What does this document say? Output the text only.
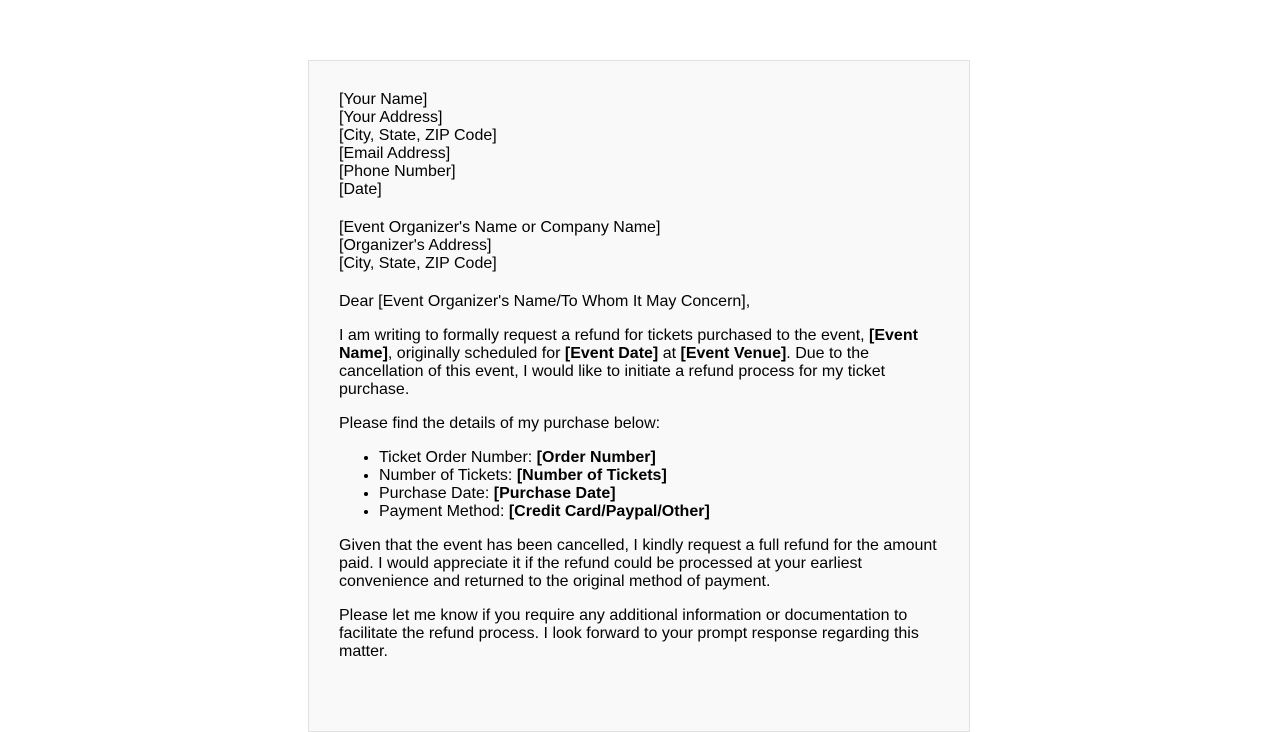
[Your Name]
[Your Address]
[City, State, ZIP Code]
[Email Address]
[Phone Number]
[Date]
[Event Organizer's Name or Company Name]
[Organizer's Address]
[City, State, ZIP Code]

Dear [Event Organizer's Name/To Whom It May Concern],

I am writing to formally request a refund for tickets purchased to the event, [Event Name], originally scheduled for [Event Date] at [Event Venue]. Due to the cancellation of this event, I would like to initiate a refund process for my ticket purchase.

Please find the details of my purchase below:

• Ticket Order Number: [Order Number]
• Number of Tickets: [Number of Tickets]
• Purchase Date: [Purchase Date]
• Payment Method: [Credit Card/Paypal/Other]

Given that the event has been cancelled, I kindly request a full refund for the amount paid. I would appreciate it if the refund could be processed at your earliest convenience and returned to the original method of payment.

Please let me know if you require any additional information or documentation to facilitate the refund process. I look forward to your prompt response regarding this matter.
